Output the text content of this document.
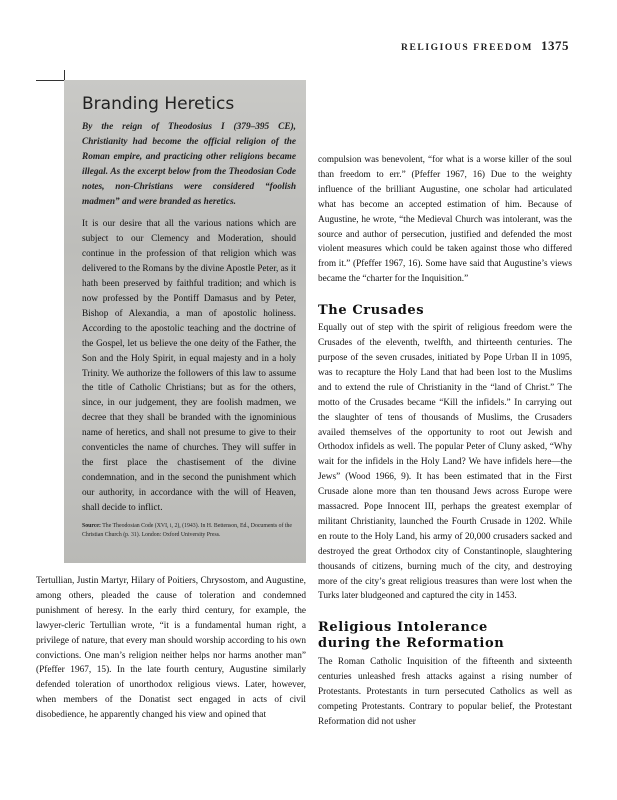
RELIGIOUS FREEDOM 1375
Branding Heretics

By the reign of Theodosius I (379–395 CE), Christianity had become the official religion of the Roman empire, and practicing other religions became illegal. As the excerpt below from the Theodosian Code notes, non-Christians were considered “foolish madmen” and were branded as heretics.

It is our desire that all the various nations which are subject to our Clemency and Moderation, should continue in the profession of that religion which was delivered to the Romans by the divine Apostle Peter, as it hath been preserved by faithful tradition; and which is now professed by the Pontiff Damasus and by Peter, Bishop of Alexandia, a man of apostolic holiness. According to the apostolic teaching and the doctrine of the Gospel, let us believe the one deity of the Father, the Son and the Holy Spirit, in equal majesty and in a holy Trinity. We authorize the followers of this law to assume the title of Catholic Christians; but as for the others, since, in our judgement, they are foolish madmen, we decree that they shall be branded with the ignominious name of heretics, and shall not presume to give to their conventicles the name of churches. They will suffer in the first place the chastisement of the divine condemnation, and in the second the punishment which our authority, in accordance with the will of Heaven, shall decide to inflict.

Source: The Theodosian Code (XVI, i, 2), (1943). In H. Bettenson, Ed., Documents of the Christian Church (p. 31). London: Oxford University Press.

Tertullian, Justin Martyr, Hilary of Poitiers, Chrysostom, and Augustine, among others, pleaded the cause of toleration and condemned punishment of heresy. In the early third century, for example, the lawyer-cleric Tertullian wrote, “it is a fundamental human right, a privilege of nature, that every man should worship according to his own convictions. One man’s religion neither helps nor harms another man” (Pfeffer 1967, 15). In the late fourth century, Augustine similarly defended toleration of unorthodox religious views. Later, however, when members of the Donatist sect engaged in acts of civil disobedience, he apparently changed his view and opined that

compulsion was benevolent, “for what is a worse killer of the soul than freedom to err.” (Pfeffer 1967, 16) Due to the weighty influence of the brilliant Augustine, one scholar had articulated what has become an accepted estimation of him. Because of Augustine, he wrote, “the Medieval Church was intolerant, was the source and author of persecution, justified and defended the most violent measures which could be taken against those who differed from it.” (Pfeffer 1967, 16). Some have said that Augustine’s views became the “charter for the Inquisition.”

The Crusades

Equally out of step with the spirit of religious freedom were the Crusades of the eleventh, twelfth, and thirteenth centuries. The purpose of the seven crusades, initiated by Pope Urban II in 1095, was to recapture the Holy Land that had been lost to the Muslims and to extend the rule of Christianity in the “land of Christ.” The motto of the Crusades became “Kill the infidels.” In carrying out the slaughter of tens of thousands of Muslims, the Crusaders availed themselves of the opportunity to root out Jewish and Orthodox infidels as well. The popular Peter of Cluny asked, “Why wait for the infidels in the Holy Land? We have infidels here—the Jews” (Wood 1966, 9). It has been estimated that in the First Crusade alone more than ten thousand Jews across Europe were massacred. Pope Innocent III, perhaps the greatest exemplar of militant Christianity, launched the Fourth Crusade in 1202. While en route to the Holy Land, his army of 20,000 crusaders sacked and destroyed the great Orthodox city of Constantinople, slaughtering thousands of citizens, burning much of the city, and destroying more of the city’s great religious treasures than were lost when the Turks later bludgeoned and captured the city in 1453.

Religious Intolerance
during the Reformation

The Roman Catholic Inquisition of the fifteenth and sixteenth centuries unleashed fresh attacks against a rising number of Protestants. Protestants in turn persecuted Catholics as well as competing Protestants. Contrary to popular belief, the Protestant Reformation did not usher
